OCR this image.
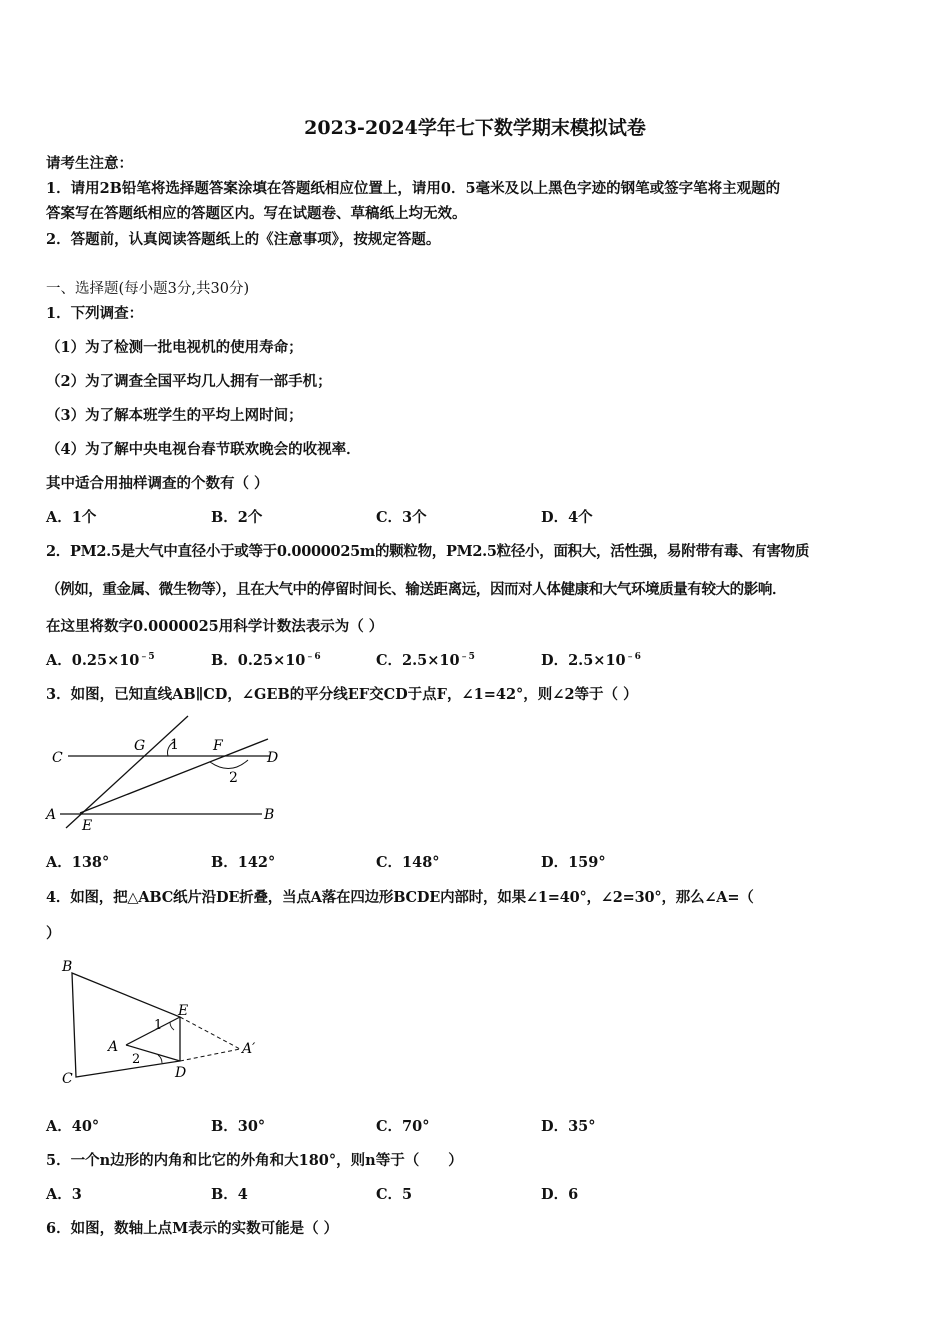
2023-2024学年七下数学期末模拟试卷
请考生注意：
1．请用2B铅笔将选择题答案涂填在答题纸相应位置上，请用0．5毫米及以上黑色字迹的钢笔或签字笔将主观题的
答案写在答题纸相应的答题区内。写在试题卷、草稿纸上均无效。
2．答题前，认真阅读答题纸上的《注意事项》，按规定答题。
一、选择题(每小题3分,共30分)
1．下列调查：
（1）为了检测一批电视机的使用寿命；
（2）为了调查全国平均几人拥有一部手机；
（3）为了解本班学生的平均上网时间；
（4）为了解中央电视台春节联欢晚会的收视率．
其中适合用抽样调查的个数有（ ）
A．1个	B．2个	C．3个	D．4个
2．PM2.5是大气中直径小于或等于0.0000025m的颗粒物，PM2.5粒径小，面积大，活性强，易附带有毒、有害物质
（例如，重金属、微生物等），且在大气中的停留时间长、输送距离远，因而对人体健康和大气环境质量有较大的影响．
在这里将数字0.0000025用科学计数法表示为（ ）
A．$0.25\times 10^{﹣5}$	B．$0.25\times 10^{﹣6}$	C．$2.5\times 10^{﹣5}$	D．$2.5\times 10^{﹣6}$
3．如图，已知直线AB∥CD，∠GEB的平分线EF交CD于点F，∠1=42°，则∠2等于（ ）
C
G 1 F
D
2
A
E
B
A．138°	B．142°	C．148°	D．159°
4．如图，把△ABC纸片沿DE折叠，当点A落在四边形BCDE内部时，如果∠1=40°，∠2=30°，那么∠A=（
）
B
E
1
A
2
A′
C	D
A．40°	B．30°	C．70°	D．35°
5．一个n边形的内角和比它的外角和大180°，则n等于（　　）
A．3	B．4	C．5	D．6
6．如图，数轴上点M表示的实数可能是（ ）
